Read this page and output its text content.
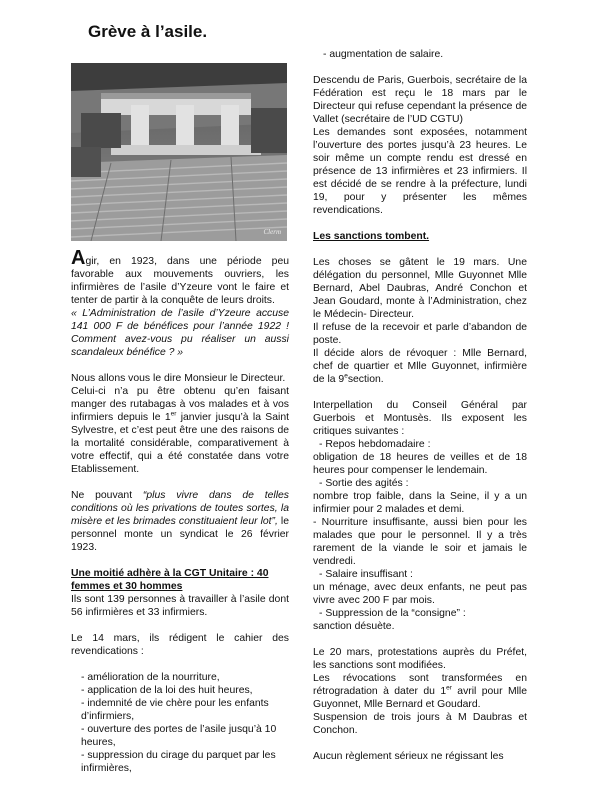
Grève à l’asile.
Clerm

Agir, en 1923, dans une période peu favorable aux mouvements ouvriers, les infirmières de l’asile d’Yzeure vont le faire et tenter de partir à la conquête de leurs droits.

« L’Administration de l’asile d’Yzeure accuse 141 000 F de bénéfices pour l’année 1922 ! Comment avez-vous pu réaliser un aussi scandaleux bénéfice ? »

Nous allons vous le dire Monsieur le Directeur.

Celui-ci n’a pu être obtenu qu’en faisant manger des rutabagas à vos malades et à vos infirmiers depuis le 1er janvier jusqu’à la Saint Sylvestre, et c’est peut être une des raisons de la mortalité considérable, comparativement à votre effectif, qui a été constatée dans votre Etablissement.

Ne pouvant “plus vivre dans de telles conditions où les privations de toutes sortes, la misère et les brimades constituaient leur lot”, le personnel monte un syndicat le 26 février 1923.

Une moitié adhère à la CGT Unitaire : 40 femmes et 30 hommes

Ils sont 139 personnes à travailler à l’asile dont 56 infirmières et 33 infirmiers.

Le 14 mars, ils rédigent le cahier des revendications :

- amélioration de la nourriture,

- application de la loi des huit heures,

- indemnité de vie chère pour les enfants d’infirmiers,

- ouverture des portes de l’asile jusqu’à 10 heures,

- suppression du cirage du parquet par les infirmières,

- augmentation de salaire.

Descendu de Paris, Guerbois, secrétaire de la Fédération est reçu le 18 mars par le Directeur qui refuse cependant la présence de Vallet (secrétaire de l’UD CGTU)

Les demandes sont exposées, notamment l’ouverture des portes jusqu’à 23 heures. Le soir même un compte rendu est dressé en présence de 13 infirmières et 23 infirmiers. Il est décidé de se rendre à la préfecture, lundi 19, pour y présenter les mêmes revendications.

Les sanctions tombent.

Les choses se gâtent le 19 mars. Une délégation du personnel, Mlle Guyonnet Mlle Bernard, Abel Daubras, André Conchon et Jean Goudard, monte à l’Administration, chez le Médecin- Directeur.

Il refuse de la recevoir et parle d’abandon de poste.

Il décide alors de révoquer : Mlle Bernard, chef de quartier et Mlle Guyonnet, infirmière de la 9esection.

Interpellation du Conseil Général par Guerbois et Montusès. Ils exposent les critiques suivantes :

- Repos hebdomadaire :

obligation de 18 heures de veilles et de 18 heures pour compenser le lendemain.

- Sortie des agités :

nombre trop faible, dans la Seine, il y a un infirmier pour 2 malades et demi.

- Nourriture insuffisante, aussi bien pour les malades que pour le personnel. Il y a très rarement de la viande le soir et jamais le vendredi.

- Salaire insuffisant :

un ménage, avec deux enfants, ne peut pas vivre avec 200 F par mois.

- Suppression de la “consigne” :

sanction désuète.

Le 20 mars, protestations auprès du Préfet, les sanctions sont modifiées.

Les révocations sont transformées en rétrogradation à dater du 1er avril pour Mlle Guyonnet, Mlle Bernard et Goudard.

Suspension de trois jours à M Daubras et Conchon.

Aucun règlement sérieux ne régissant les
